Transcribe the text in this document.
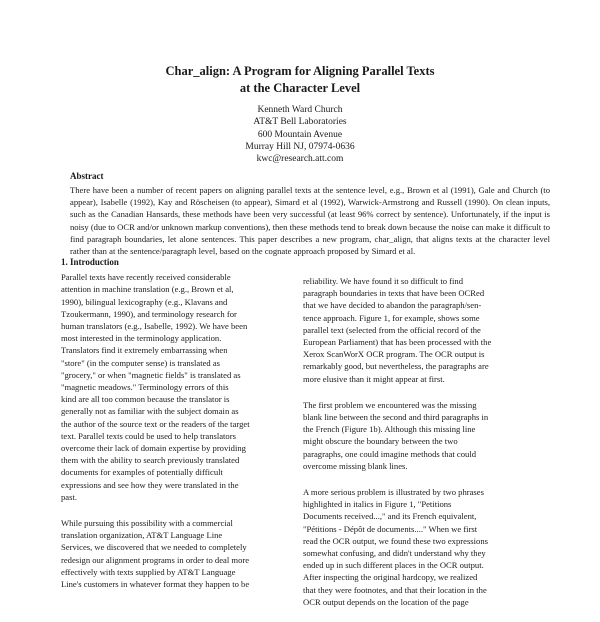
Char_align: A Program for Aligning Parallel Texts
at the Character Level
Kenneth Ward Church
AT&T Bell Laboratories
600 Mountain Avenue
Murray Hill NJ, 07974-0636
kwc@research.att.com
Abstract
There have been a number of recent papers on aligning parallel texts at the sentence level, e.g., Brown et al (1991), Gale and Church (to appear), Isabelle (1992), Kay and Röscheisen (to appear), Simard et al (1992), Warwick-Armstrong and Russell (1990). On clean inputs, such as the Canadian Hansards, these methods have been very successful (at least 96% correct by sentence). Unfortunately, if the input is noisy (due to OCR and/or unknown markup conventions), then these methods tend to break down because the noise can make it difficult to find paragraph boundaries, let alone sentences. This paper describes a new program, char_align, that aligns texts at the character level rather than at the sentence/paragraph level, based on the cognate approach proposed by Simard et al.
1. Introduction
Parallel texts have recently received considerable
attention in machine translation (e.g., Brown et al,
1990), bilingual lexicography (e.g., Klavans and
Tzoukermann, 1990), and terminology research for
human translators (e.g., Isabelle, 1992). We have been
most interested in the terminology application.
Translators find it extremely embarrassing when
"store" (in the computer sense) is translated as
"grocery," or when "magnetic fields" is translated as
"magnetic meadows." Terminology errors of this
kind are all too common because the translator is
generally not as familiar with the subject domain as
the author of the source text or the readers of the target
text. Parallel texts could be used to help translators
overcome their lack of domain expertise by providing
them with the ability to search previously translated
documents for examples of potentially difficult
expressions and see how they were translated in the
past.
While pursuing this possibility with a commercial
translation organization, AT&T Language Line
Services, we discovered that we needed to completely
redesign our alignment programs in order to deal more
effectively with texts supplied by AT&T Language
Line's customers in whatever format they happen to be
reliability. We have found it so difficult to find
paragraph boundaries in texts that have been OCRed
that we have decided to abandon the paragraph/sen-
tence approach. Figure 1, for example, shows some
parallel text (selected from the official record of the
European Parliament) that has been processed with the
Xerox ScanWorX OCR program. The OCR output is
remarkably good, but nevertheless, the paragraphs are
more elusive than it might appear at first.
The first problem we encountered was the missing
blank line between the second and third paragraphs in
the French (Figure 1b). Although this missing line
might obscure the boundary between the two
paragraphs, one could imagine methods that could
overcome missing blank lines.
A more serious problem is illustrated by two phrases
highlighted in italics in Figure 1, "Petitions
Documents received...," and its French equivalent,
"Pétitions - Dépôt de documents...." When we first
read the OCR output, we found these two expressions
somewhat confusing, and didn't understand why they
ended up in such different places in the OCR output.
After inspecting the original hardcopy, we realized
that they were footnotes, and that their location in the
OCR output depends on the location of the page
